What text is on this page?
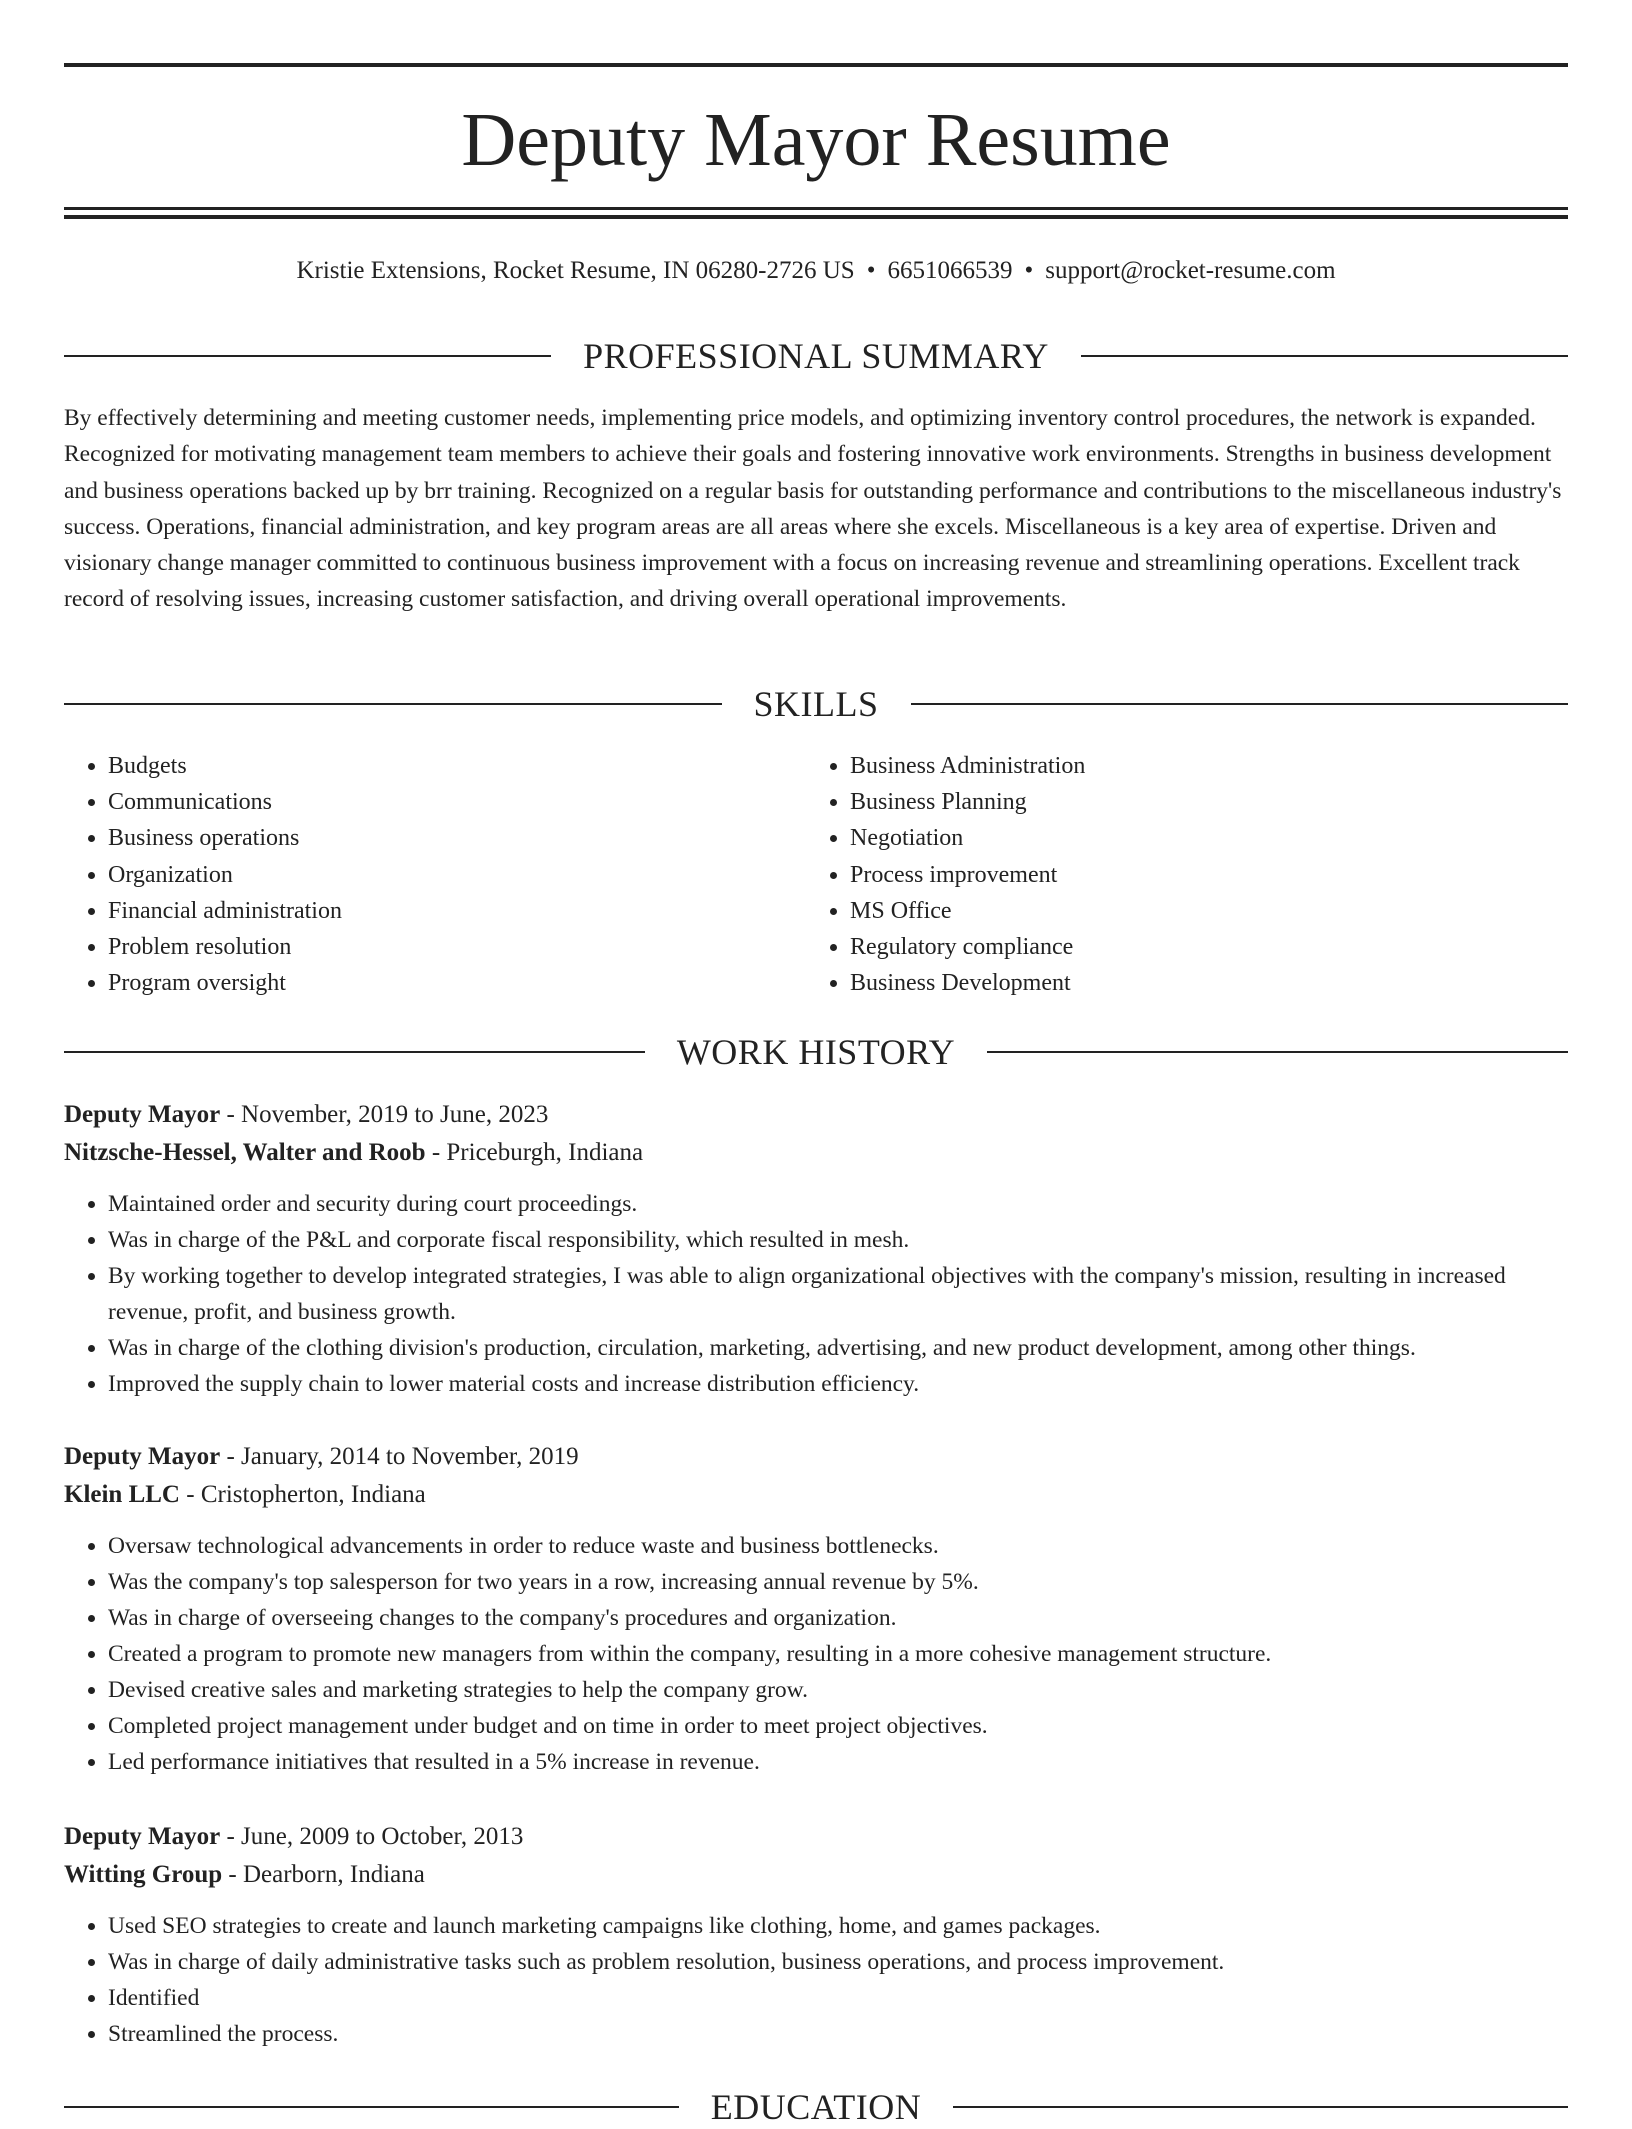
Deputy Mayor Resume
Kristie Extensions, Rocket Resume, IN 06280-2726 US • 6651066539 • support@rocket-resume.com
PROFESSIONAL SUMMARY

By effectively determining and meeting customer needs, implementing price models, and optimizing inventory control procedures, the network is expanded. Recognized for motivating management team members to achieve their goals and fostering innovative work environments. Strengths in business development and business operations backed up by brr training. Recognized on a regular basis for outstanding performance and contributions to the miscellaneous industry's success. Operations, financial administration, and key program areas are all areas where she excels. Miscellaneous is a key area of expertise. Driven and visionary change manager committed to continuous business improvement with a focus on increasing revenue and streamlining operations. Excellent track record of resolving issues, increasing customer satisfaction, and driving overall operational improvements.

SKILLS
• Budgets
• Communications
• Business operations
• Organization
• Financial administration
• Problem resolution
• Program oversight
• Business Administration
• Business Planning
• Negotiation
• Process improvement
• MS Office
• Regulatory compliance
• Business Development
WORK HISTORY
Deputy Mayor - November, 2019 to June, 2023
Nitzsche-Hessel, Walter and Roob - Priceburgh, Indiana
• Maintained order and security during court proceedings.
• Was in charge of the P&L and corporate fiscal responsibility, which resulted in mesh.
• By working together to develop integrated strategies, I was able to align organizational objectives with the company's mission, resulting in increased revenue, profit, and business growth.
• Was in charge of the clothing division's production, circulation, marketing, advertising, and new product development, among other things.
• Improved the supply chain to lower material costs and increase distribution efficiency.
Deputy Mayor - January, 2014 to November, 2019
Klein LLC - Cristopherton, Indiana
• Oversaw technological advancements in order to reduce waste and business bottlenecks.
• Was the company's top salesperson for two years in a row, increasing annual revenue by 5%.
• Was in charge of overseeing changes to the company's procedures and organization.
• Created a program to promote new managers from within the company, resulting in a more cohesive management structure.
• Devised creative sales and marketing strategies to help the company grow.
• Completed project management under budget and on time in order to meet project objectives.
• Led performance initiatives that resulted in a 5% increase in revenue.
Deputy Mayor - June, 2009 to October, 2013
Witting Group - Dearborn, Indiana
• Used SEO strategies to create and launch marketing campaigns like clothing, home, and games packages.
• Was in charge of daily administrative tasks such as problem resolution, business operations, and process improvement.
• Identified
• Streamlined the process.
EDUCATION
